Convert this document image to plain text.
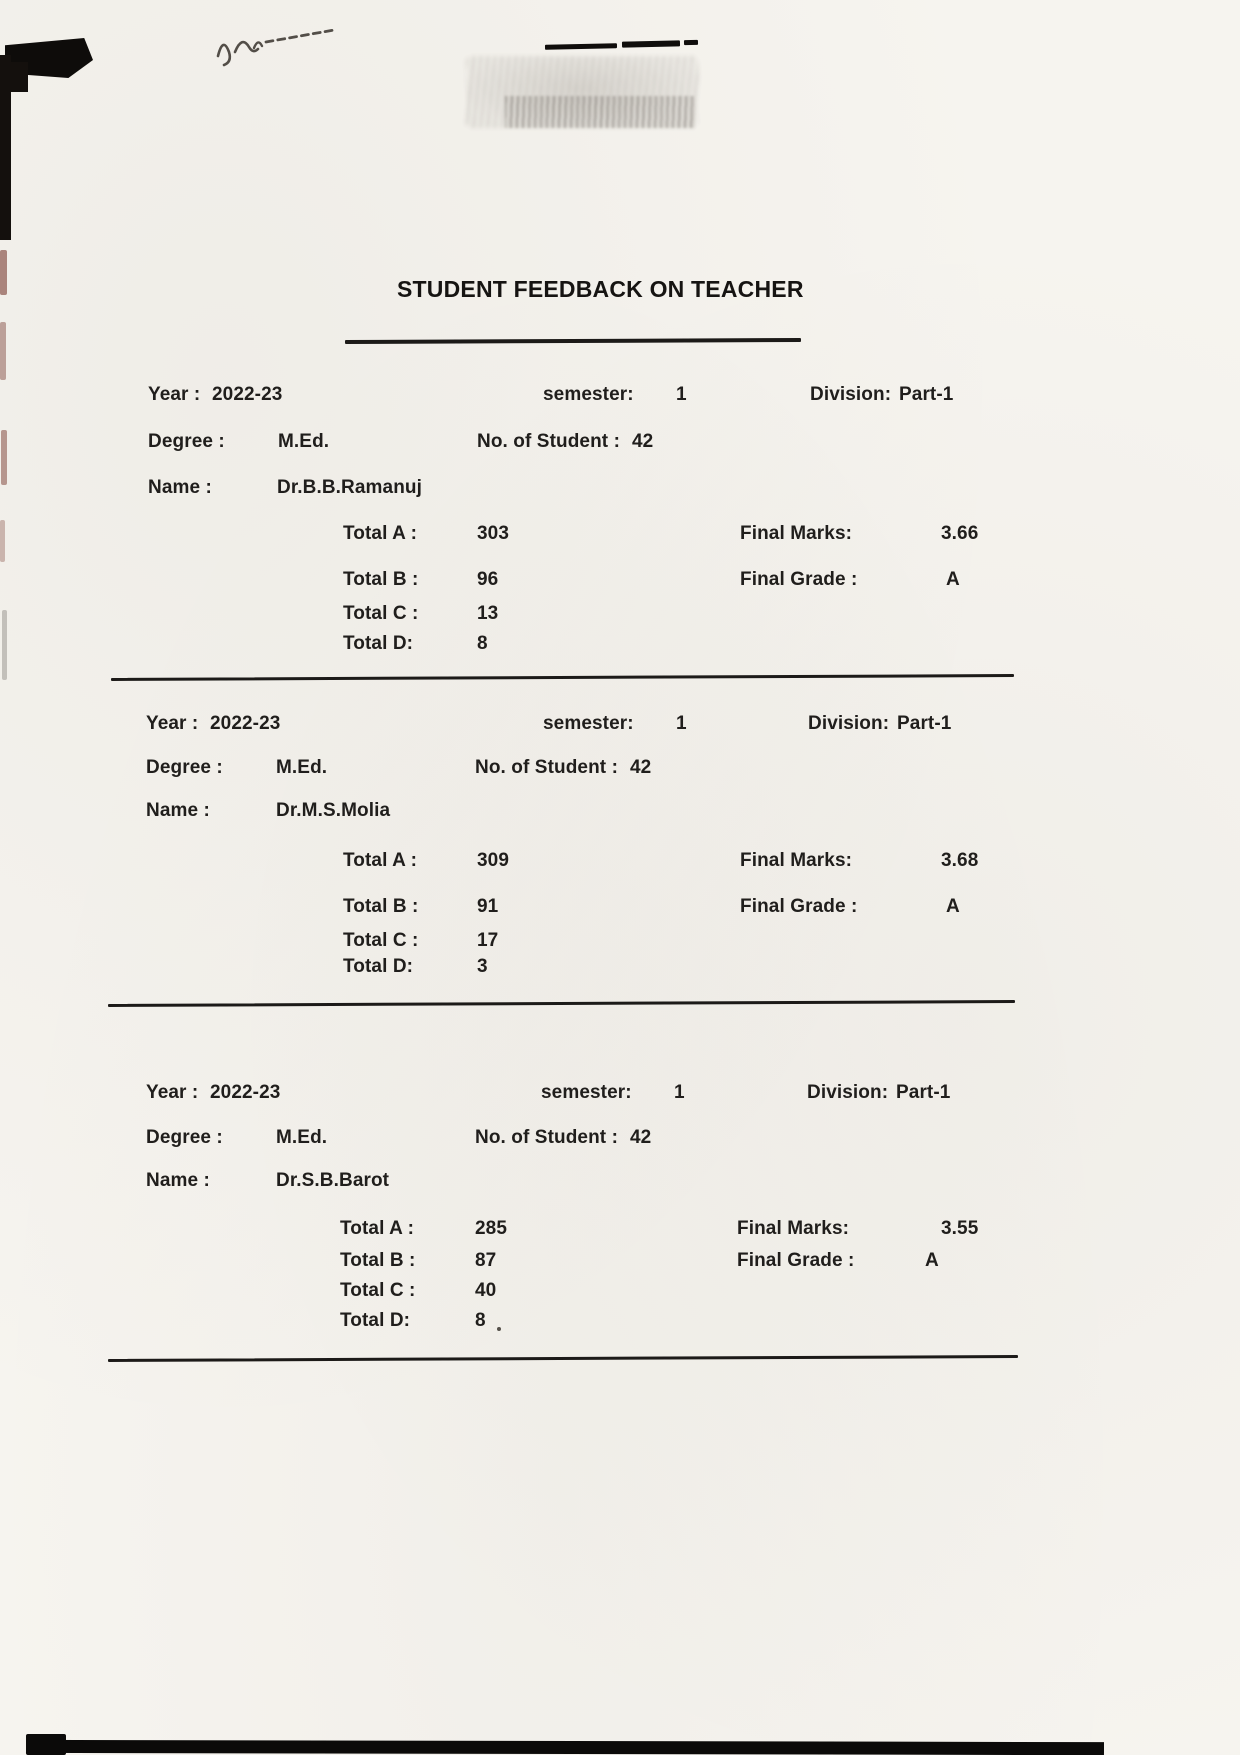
STUDENT FEEDBACK ON TEACHER
Year : 2022-23	semester: 1	Division: Part-1
Degree :	M.Ed.	No. of Student : 42
Name :	Dr.B.B.Ramanuj
Total A :	303	Final Marks:	3.66
Total B :	96	Final Grade :	A
Total C :	13
Total D:	8
Year : 2022-23	semester: 1	Division: Part-1
Degree :	M.Ed.	No. of Student : 42
Name :	Dr.M.S.Molia
Total A :	309	Final Marks:	3.68
Total B :	91	Final Grade :	A
Total C :	17
Total D:	3
Year : 2022-23	semester: 1	Division: Part-1
Degree :	M.Ed.	No. of Student : 42
Name :	Dr.S.B.Barot
Total A :	285	Final Marks:	3.55
Total B :	87	Final Grade :	A
Total C :	40
Total D:	8
